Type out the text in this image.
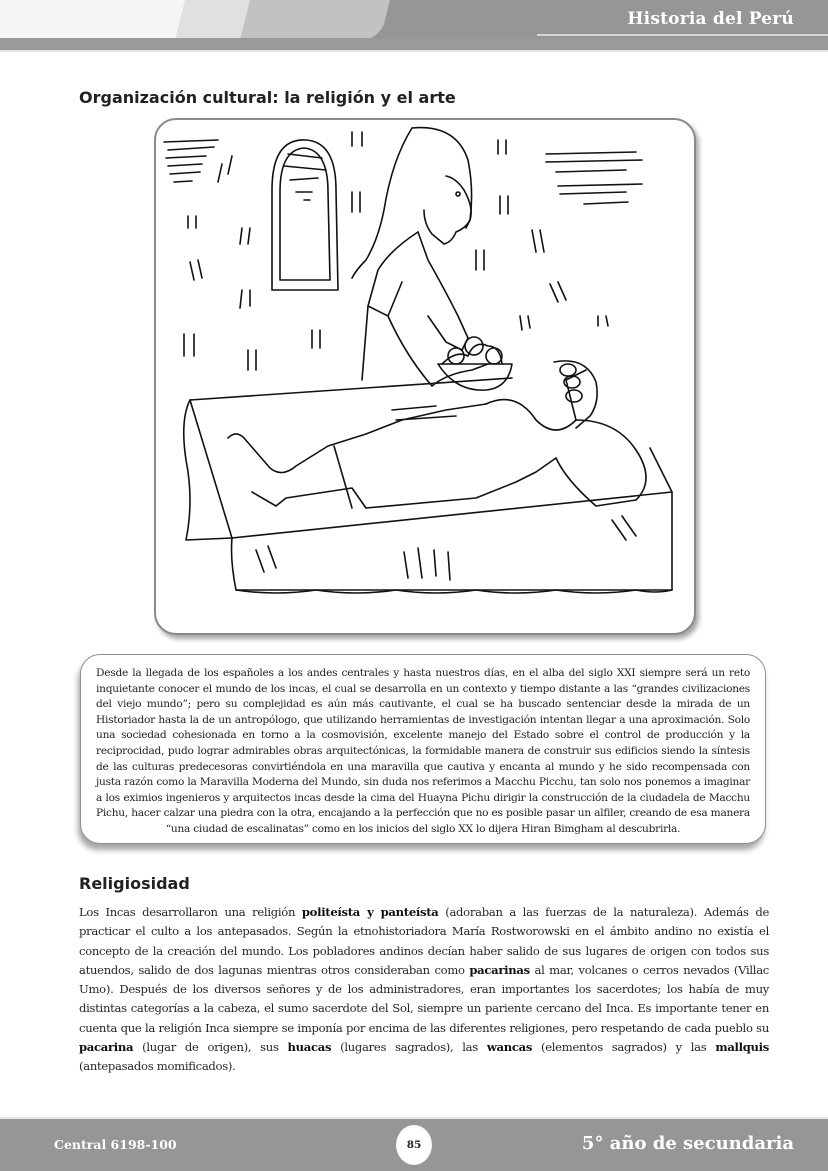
Historia del Perú
Organización cultural: la religión y el arte

Desde la llegada de los españoles a los andes centrales y hasta nuestros días, en el alba del siglo XXI siempre será un reto inquietante conocer el mundo de los incas, el cual se desarrolla en un contexto y tiempo distante a las “grandes civilizaciones del viejo mundo”; pero su complejidad es aún más cautivante, el cual se ha buscado sentenciar desde la mirada de un Historiador hasta la de un antropólogo, que utilizando herramientas de investigación intentan llegar a una aproximación. Solo una sociedad cohesionada en torno a la cosmovisión, excelente manejo del Estado sobre el control de producción y la reciprocidad, pudo lograr admirables obras arquitectónicas, la formidable manera de construir sus edificios siendo la síntesis de las culturas predecesoras convirtiéndola en una maravilla que cautiva y encanta al mundo y he sido recompensada con justa razón como la Maravilla Moderna del Mundo, sin duda nos referimos a Macchu Picchu, tan solo nos ponemos a imaginar a los eximios ingenieros y arquitectos incas desde la cima del Huayna Pichu dirigir la construcción de la ciudadela de Macchu Pichu, hacer calzar una piedra con la otra, encajando a la perfección que no es posible pasar un alfiler, creando de esa manera “una ciudad de escalinatas” como en los inicios del siglo XX lo dijera Hiran Bimgham al descubrirla.

Religiosidad

Los Incas desarrollaron una religión politeísta y panteísta (adoraban a las fuerzas de la naturaleza). Además de practicar el culto a los antepasados. Según la etnohistoriadora María Rostworowski en el ámbito andino no existía el concepto de la creación del mundo. Los pobladores andinos decían haber salido de sus lugares de origen con todos sus atuendos, salido de dos lagunas mientras otros consideraban como pacarinas al mar, volcanes o cerros nevados (Villac Umo). Después de los diversos señores y de los administradores, eran importantes los sacerdotes; los había de muy distintas categorías a la cabeza, el sumo sacerdote del Sol, siempre un pariente cercano del Inca. Es importante tener en cuenta que la religión Inca siempre se imponía por encima de las diferentes religiones, pero respetando de cada pueblo su pacarina (lugar de origen), sus huacas (lugares sagrados), las wancas (elementos sagrados) y las mallquis (antepasados momificados).

Central 6198-100	85	5° año de secundaria
